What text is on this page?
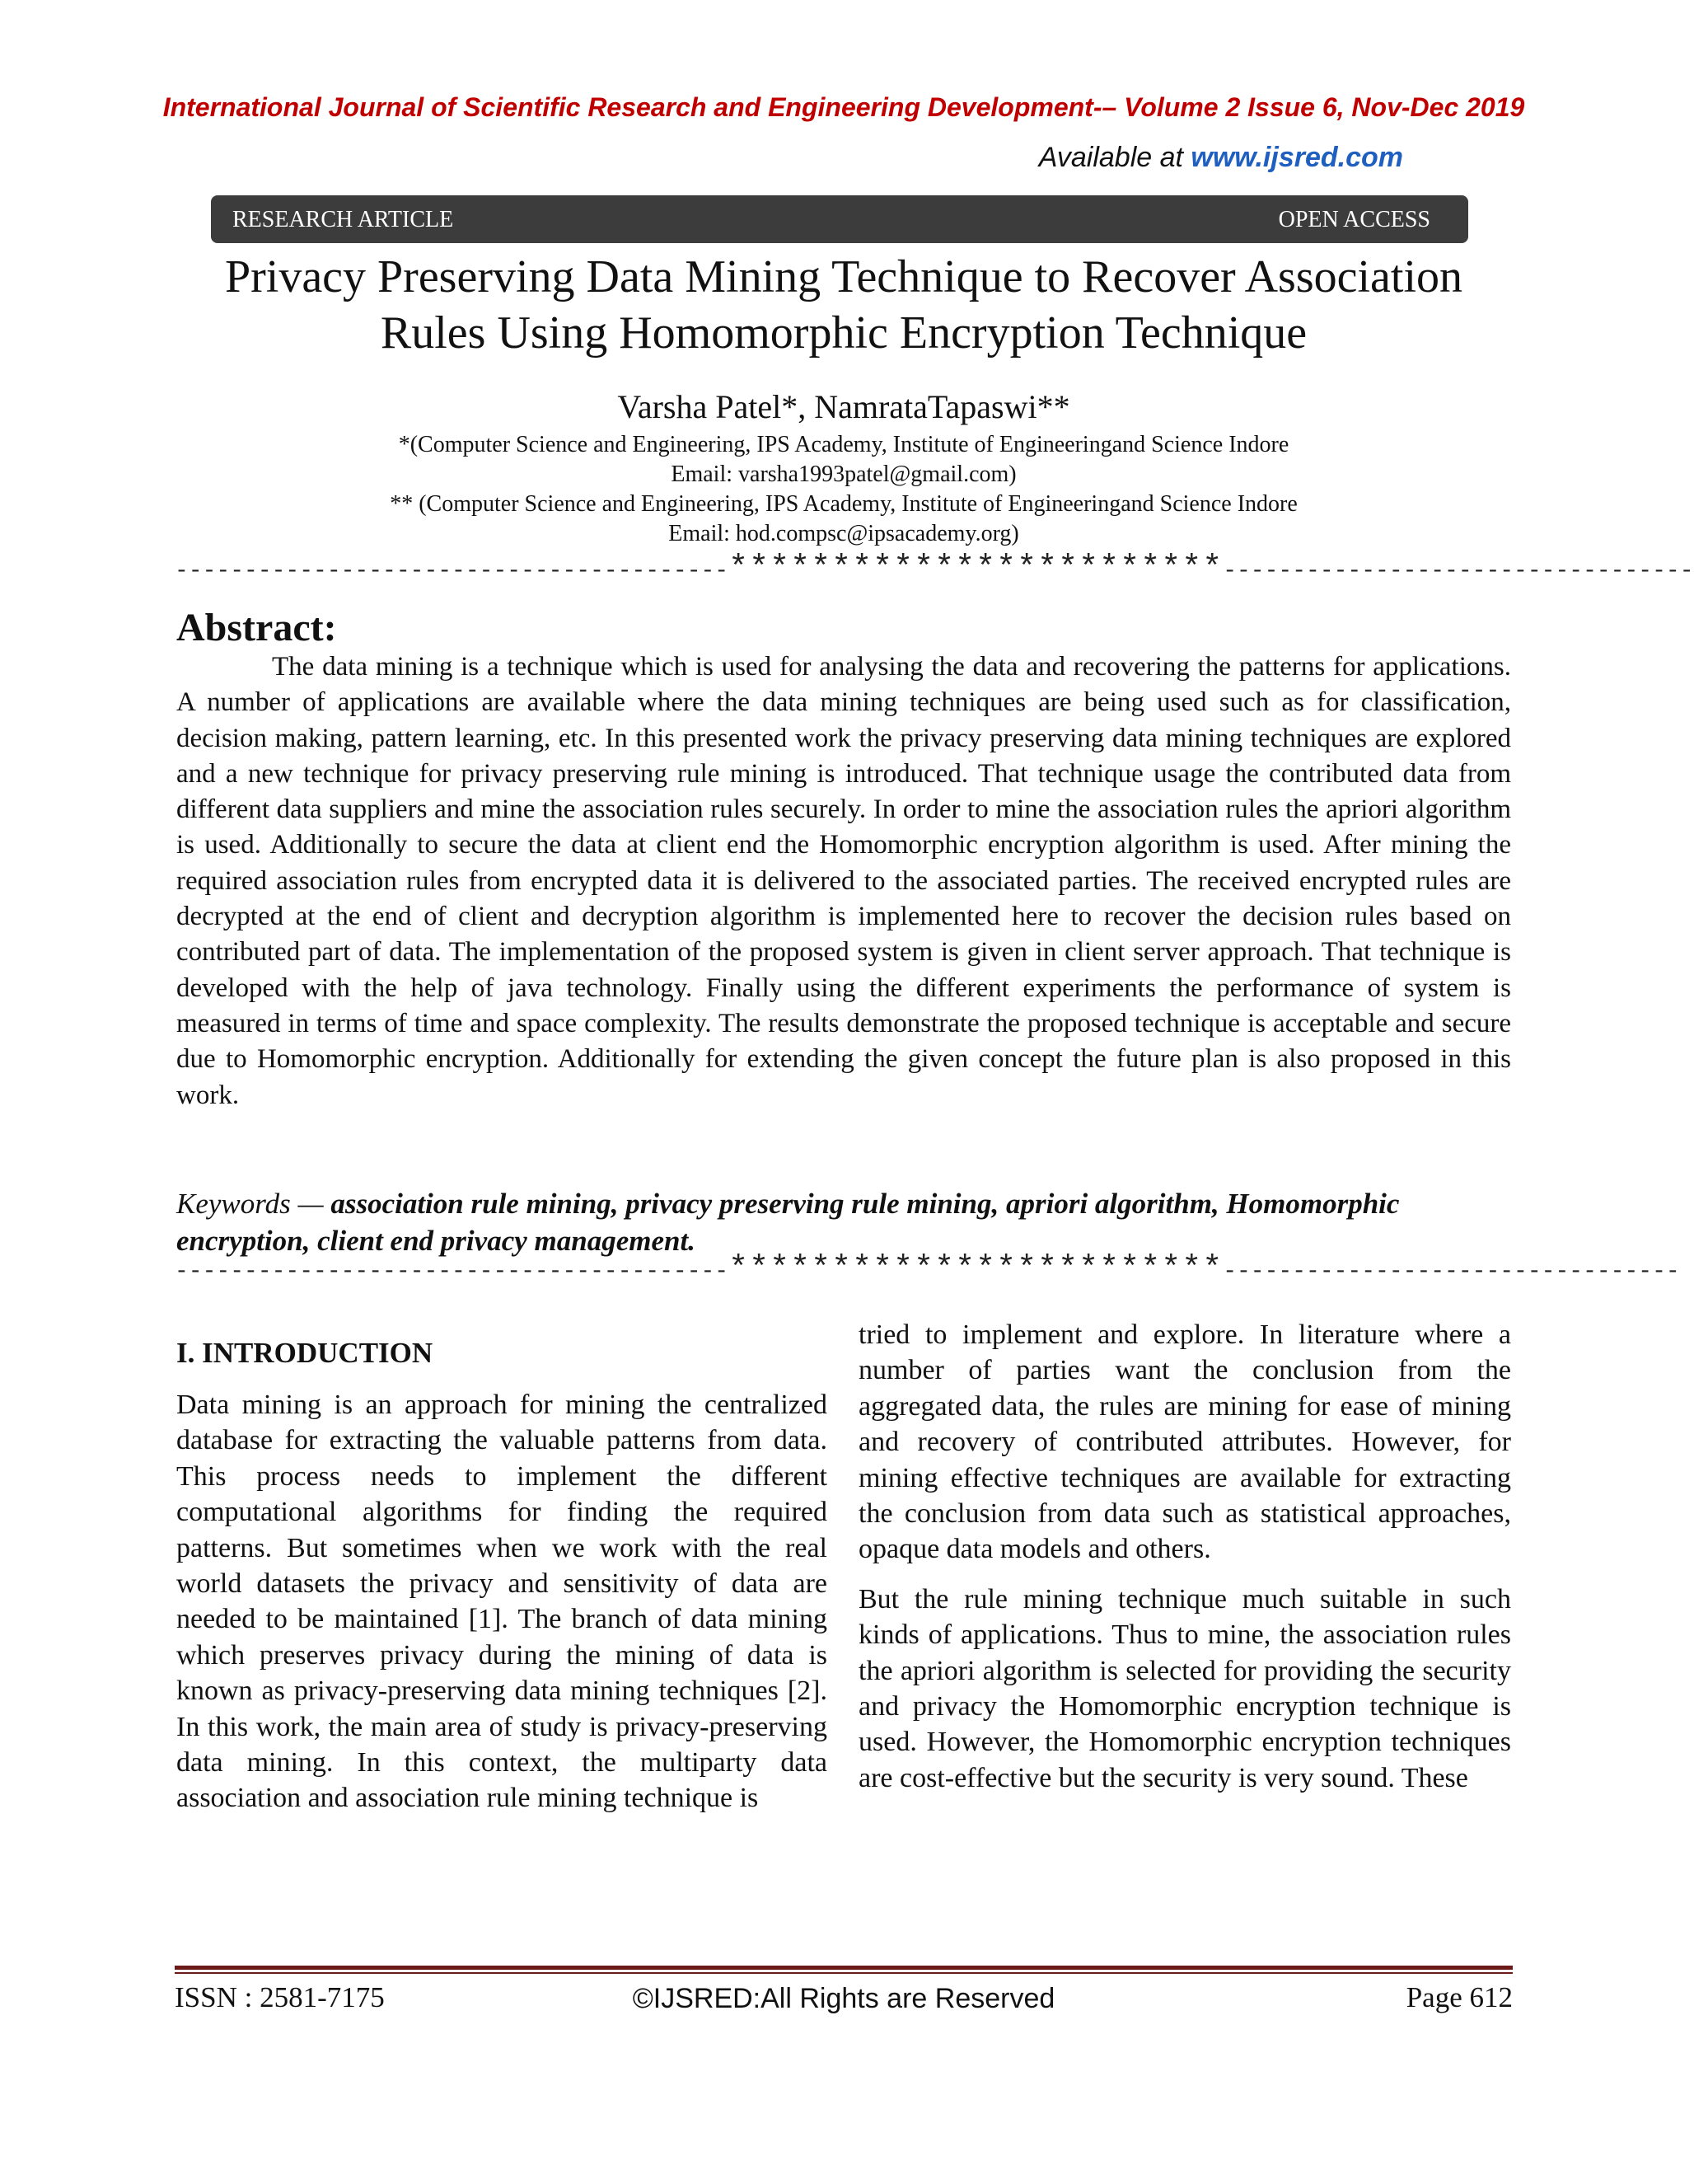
International Journal of Scientific Research and Engineering Development-– Volume 2 Issue 6, Nov-Dec 2019
Available at www.ijsred.com
RESEARCH ARTICLE	OPEN ACCESS
Privacy Preserving Data Mining Technique to Recover Association
Rules Using Homomorphic Encryption Technique
Varsha Patel*, NamrataTapaswi**
*(Computer Science and Engineering, IPS Academy, Institute of Engineeringand Science Indore
Email: varsha1993patel@gmail.com)
** (Computer Science and Engineering, IPS Academy, Institute of Engineeringand Science Indore
Email: hod.compsc@ipsacademy.org)
----------------------------------------************************----------------------------------
Abstract:
The data mining is a technique which is used for analysing the data and recovering the patterns for applications. A number of applications are available where the data mining techniques are being used such as for classification, decision making, pattern learning, etc. In this presented work the privacy preserving data mining techniques are explored and a new technique for privacy preserving rule mining is introduced. That technique usage the contributed data from different data suppliers and mine the association rules securely. In order to mine the association rules the apriori algorithm is used. Additionally to secure the data at client end the Homomorphic encryption algorithm is used. After mining the required association rules from encrypted data it is delivered to the associated parties. The received encrypted rules are decrypted at the end of client and decryption algorithm is implemented here to recover the decision rules based on contributed part of data. The implementation of the proposed system is given in client server approach. That technique is developed with the help of java technology. Finally using the different experiments the performance of system is measured in terms of time and space complexity. The results demonstrate the proposed technique is acceptable and secure due to Homomorphic encryption. Additionally for extending the given concept the future plan is also proposed in this work.
Keywords — association rule mining, privacy preserving rule mining, apriori algorithm, Homomorphic encryption, client end privacy management.
----------------------------------------************************---------------------------------
I. INTRODUCTION

Data mining is an approach for mining the centralized database for extracting the valuable patterns from data. This process needs to implement the different computational algorithms for finding the required patterns. But sometimes when we work with the real world datasets the privacy and sensitivity of data are needed to be maintained [1]. The branch of data mining which preserves privacy during the mining of data is known as privacy-preserving data mining techniques [2]. In this work, the main area of study is privacy-preserving data mining. In this context, the multiparty data association and association rule mining technique is

tried to implement and explore. In literature where a number of parties want the conclusion from the aggregated data, the rules are mining for ease of mining and recovery of contributed attributes. However, for mining effective techniques are available for extracting the conclusion from data such as statistical approaches, opaque data models and others.

But the rule mining technique much suitable in such kinds of applications. Thus to mine, the association rules the apriori algorithm is selected for providing the security and privacy the Homomorphic encryption technique is used. However, the Homomorphic encryption techniques are cost-effective but the security is very sound. These

ISSN : 2581-7175	©IJSRED:All Rights are Reserved	Page 612
